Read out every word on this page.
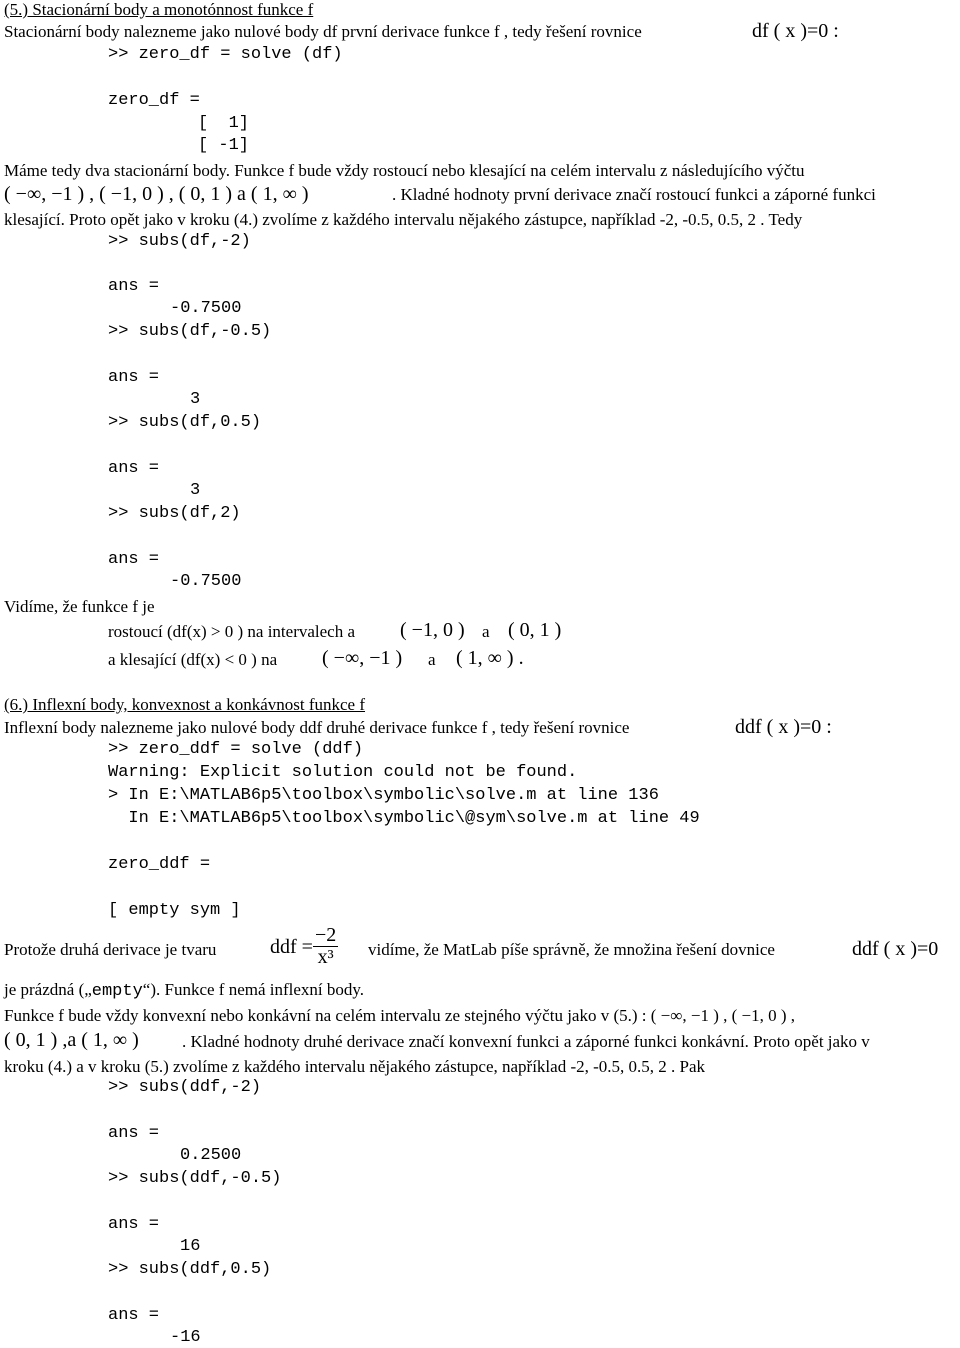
(5.) Stacionární body a monotónnost funkce f
Stacionární body nalezneme jako nulové body df první derivace funkce f , tedy řešení rovnice	df ( x )=0 :
>> zero_df = solve (df)
zero_df =
[  1]
[ -1]
Máme tedy dva stacionární body. Funkce f bude vždy rostoucí nebo klesající na celém intervalu z následujícího výčtu
( −∞, −1 ) , ( −1, 0 ) , ( 0, 1 ) a ( 1, ∞ )	. Kladné hodnoty první derivace značí rostoucí funkci a záporné funkci
klesající. Proto opět jako v kroku (4.) zvolíme z každého intervalu nějakého zástupce, například -2, -0.5, 0.5, 2 . Tedy
>> subs(df,-2)
ans =
-0.7500
>> subs(df,-0.5)
ans =
3
>> subs(df,0.5)
ans =
3
>> subs(df,2)
ans =
-0.7500
Vidíme, že funkce f je
rostoucí (df(x) > 0 ) na intervalech a ( −1, 0 ) a ( 0, 1 )
a klesající (df(x) < 0 ) na ( −∞, −1 ) a ( 1, ∞ ) .
(6.) Inflexní body, konvexnost a konkávnost funkce f
Inflexní body nalezneme jako nulové body ddf druhé derivace funkce f , tedy řešení rovnice	ddf ( x )=0 :
>> zero_ddf = solve (ddf)
Warning: Explicit solution could not be found.
> In E:\MATLAB6p5\toolbox\symbolic\solve.m at line 136
In E:\MATLAB6p5\toolbox\symbolic\@sym\solve.m at line 49
zero_ddf =
[ empty sym ]
Protože druhá derivace je tvaru	ddf = $\frac{-2}{\text{x³}}$ vidíme, že MatLab píše správně, že množina řešení dovnice	ddf ( x )=0
je prázdná („empty“). Funkce f nemá inflexní body.
Funkce f bude vždy konvexní nebo konkávní na celém intervalu ze stejného výčtu jako v (5.) : ( −∞, −1 ) , ( −1, 0 ) ,
( 0, 1 ) ,a ( 1, ∞ )	. Kladné hodnoty druhé derivace značí konvexní funkci a záporné funkci konkávní. Proto opět jako v
kroku (4.) a v kroku (5.) zvolíme z každého intervalu nějakého zástupce, například -2, -0.5, 0.5, 2 . Pak
>> subs(ddf,-2)
ans =
0.2500
>> subs(ddf,-0.5)
ans =
16
>> subs(ddf,0.5)
ans =
-16
